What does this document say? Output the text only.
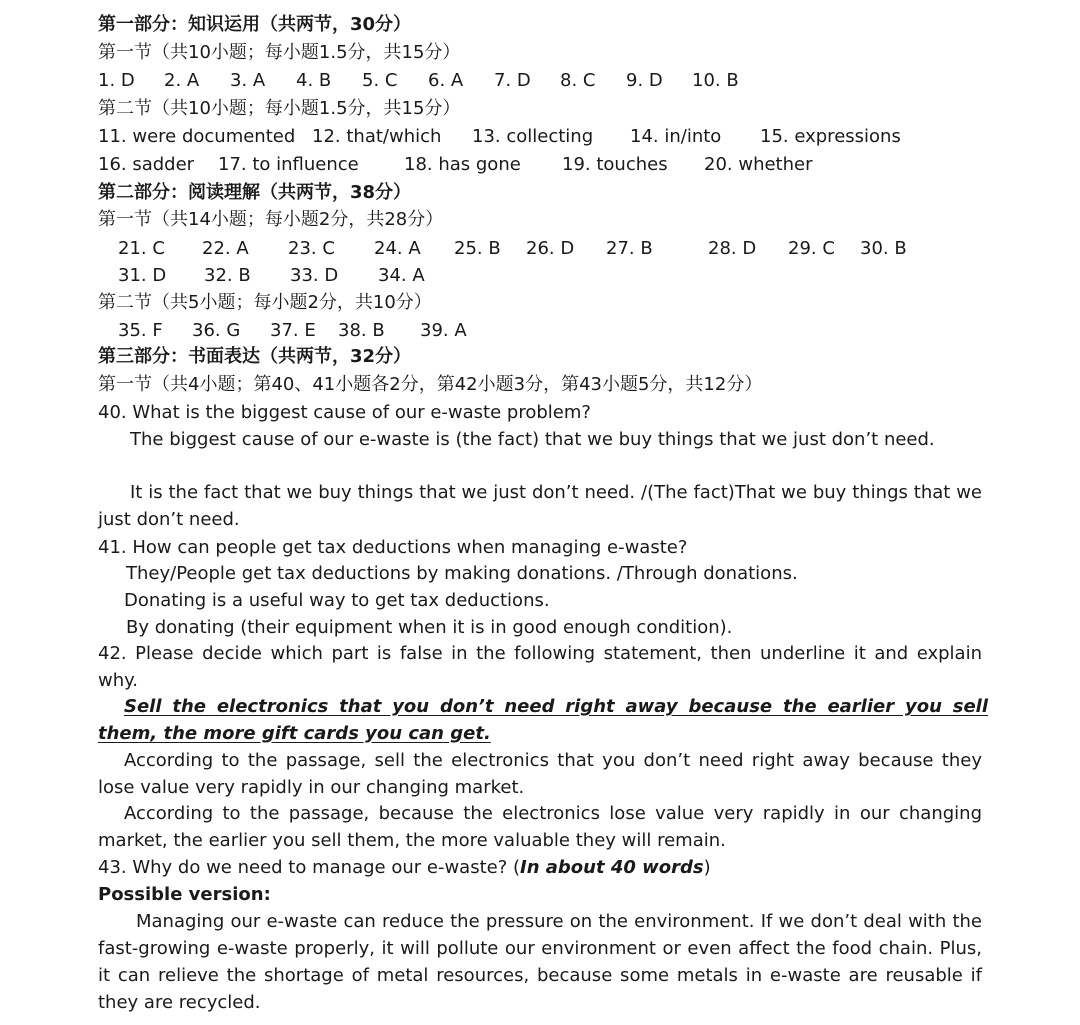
第一部分：知识运用（共两节，30分）
第一节（共10小题；每小题1.5分，共15分）
1. D 2. A 3. A 4. B 5. C 6. A 7. D 8. C 9. D 10. B
第二节（共10小题；每小题1.5分，共15分）
11. were documented 12. that/which 13. collecting 14. in/into 15. expressions
16. sadder 17. to influence	18. has gone 19. touches 20. whether
第二部分：阅读理解（共两节，38分）
第一节（共14小题；每小题2分，共28分）
21. C 22. A 23. C 24. A 25. B 26. D 27. B	28. D 29. C 30. B
31. D 32. B 33. D 34. A
第二节（共5小题；每小题2分，共10分）
35. F 36. G 37. E 38. B 39. A
第三部分：书面表达（共两节，32分）
第一节（共4小题；第40、41小题各2分，第42小题3分，第43小题5分，共12分）
40. What is the biggest cause of our e-waste problem?
The biggest cause of our e-waste is (the fact) that we buy things that we just don’t need.
It is the fact that we buy things that we just don’t need. /(The fact)That we buy things that we just don’t need.
41. How can people get tax deductions when managing e-waste?
They/People get tax deductions by making donations. /Through donations.
Donating is a useful way to get tax deductions.
By donating (their equipment when it is in good enough condition).
42. Please decide which part is false in the following statement, then underline it and explain why.
Sell the electronics that you don’t need right away because the earlier you sell them, the more gift cards you can get.
According to the passage, sell the electronics that you don’t need right away because they lose value very rapidly in our changing market.
According to the passage, because the electronics lose value very rapidly in our changing market, the earlier you sell them, the more valuable they will remain.
43. Why do we need to manage our e-waste? (In about 40 words)
Possible version:
Managing our e-waste can reduce the pressure on the environment. If we don’t deal with the fast-growing e-waste properly, it will pollute our environment or even affect the food chain. Plus, it can relieve the shortage of metal resources, because some metals in e-waste are reusable if they are recycled.
